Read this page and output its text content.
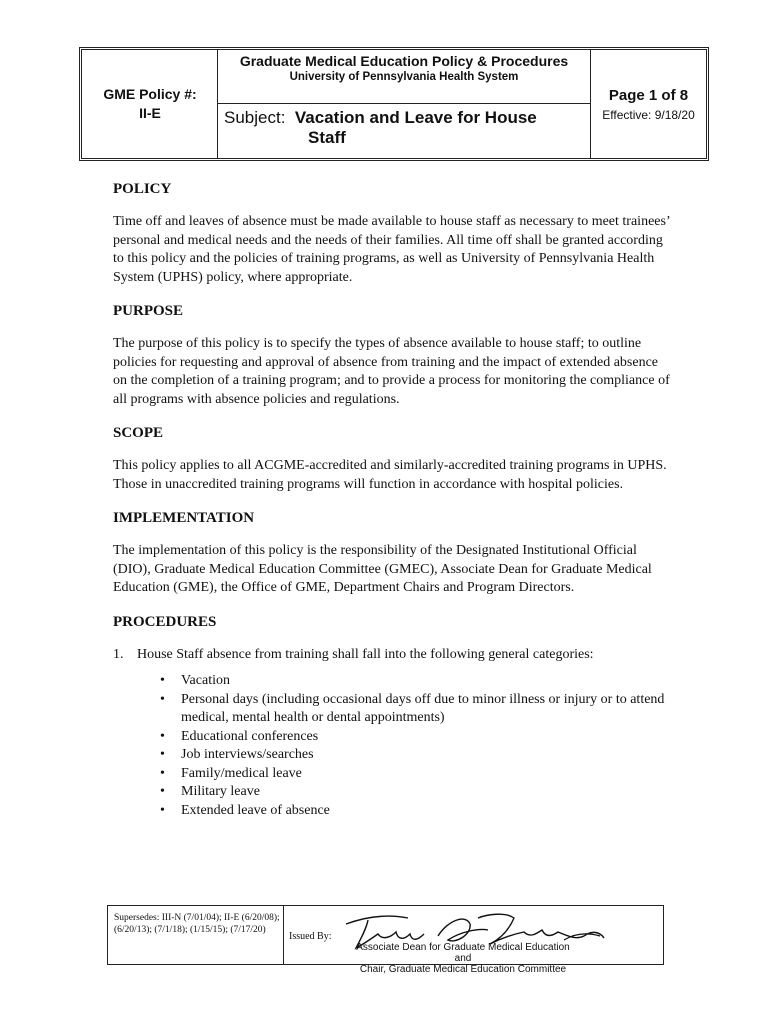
GME Policy #:
II-E
Graduate Medical Education Policy & Procedures
University of Pennsylvania Health System
Subject: Vacation and Leave for House
Staff
Page 1 of 8
Effective: 9/18/20
POLICY

Time off and leaves of absence must be made available to house staff as necessary to meet trainees’ personal and medical needs and the needs of their families. All time off shall be granted according to this policy and the policies of training programs, as well as University of Pennsylvania Health System (UPHS) policy, where appropriate.

PURPOSE

The purpose of this policy is to specify the types of absence available to house staff; to outline policies for requesting and approval of absence from training and the impact of extended absence on the completion of a training program; and to provide a process for monitoring the compliance of all programs with absence policies and regulations.

SCOPE

This policy applies to all ACGME-accredited and similarly-accredited training programs in UPHS. Those in unaccredited training programs will function in accordance with hospital policies.

IMPLEMENTATION

The implementation of this policy is the responsibility of the Designated Institutional Official (DIO), Graduate Medical Education Committee (GMEC), Associate Dean for Graduate Medical Education (GME), the Office of GME, Department Chairs and Program Directors.

PROCEDURES
1. House Staff absence from training shall fall into the following general categories:
•	Vacation
•	Personal days (including occasional days off due to minor illness or injury or to attend medical, mental health or dental appointments)
•	Educational conferences
•	Job interviews/searches
•	Family/medical leave
•	Military leave
•	Extended leave of absence
Supersedes: III-N (7/01/04); II-E (6/20/08); (6/20/13); (7/1/18); (1/15/15); (7/17/20)
Issued By:
Associate Dean for Graduate Medical Education and
Chair, Graduate Medical Education Committee
